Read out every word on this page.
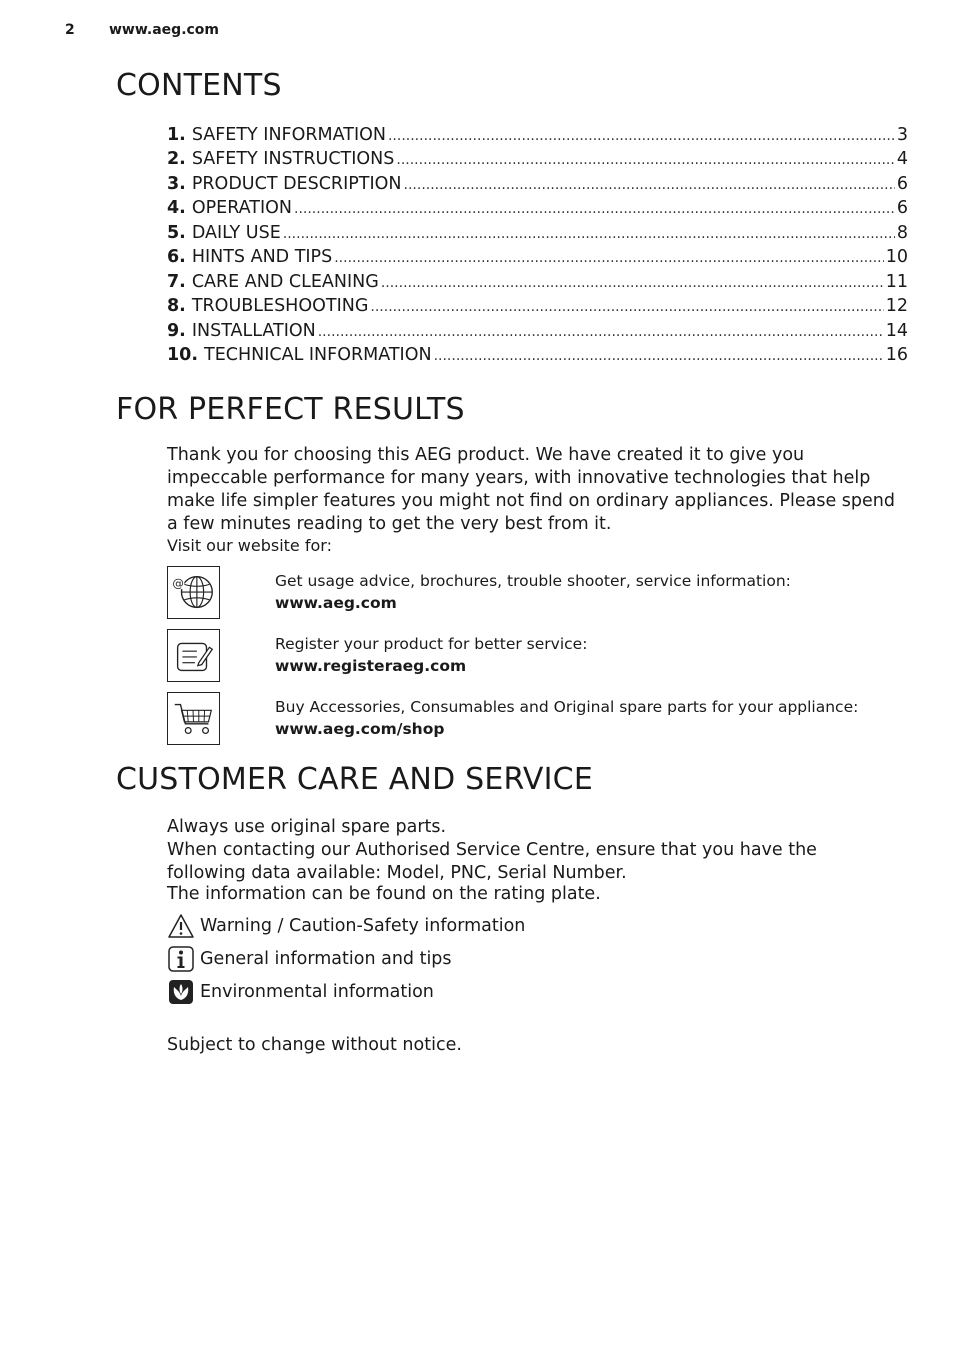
2 www.aeg.com
CONTENTS
1. SAFETY INFORMATION .....	3
2. SAFETY INSTRUCTIONS .....	4
3. PRODUCT DESCRIPTION .....	6
4. OPERATION .....	6
5. DAILY USE .....	8
6. HINTS AND TIPS .....	10
7. CARE AND CLEANING .....	11
8. TROUBLESHOOTING .....	12
9. INSTALLATION .....	14
10. TECHNICAL INFORMATION .....	16
FOR PERFECT RESULTS

Thank you for choosing this AEG product. We have created it to give you impeccable performance for many years, with innovative technologies that help make life simpler features you might not find on ordinary appliances. Please spend a few minutes reading to get the very best from it.

Visit our website for:
@	Get usage advice, brochures, trouble shooter, service information:
www.aeg.com
Register your product for better service:
www.registeraeg.com
Buy Accessories, Consumables and Original spare parts for your appliance:
www.aeg.com/shop
CUSTOMER CARE AND SERVICE

Always use original spare parts.

When contacting our Authorised Service Centre, ensure that you have the following data available: Model, PNC, Serial Number.

The information can be found on the rating plate.

Warning / Caution-Safety information
General information and tips
Environmental information
Subject to change without notice.
